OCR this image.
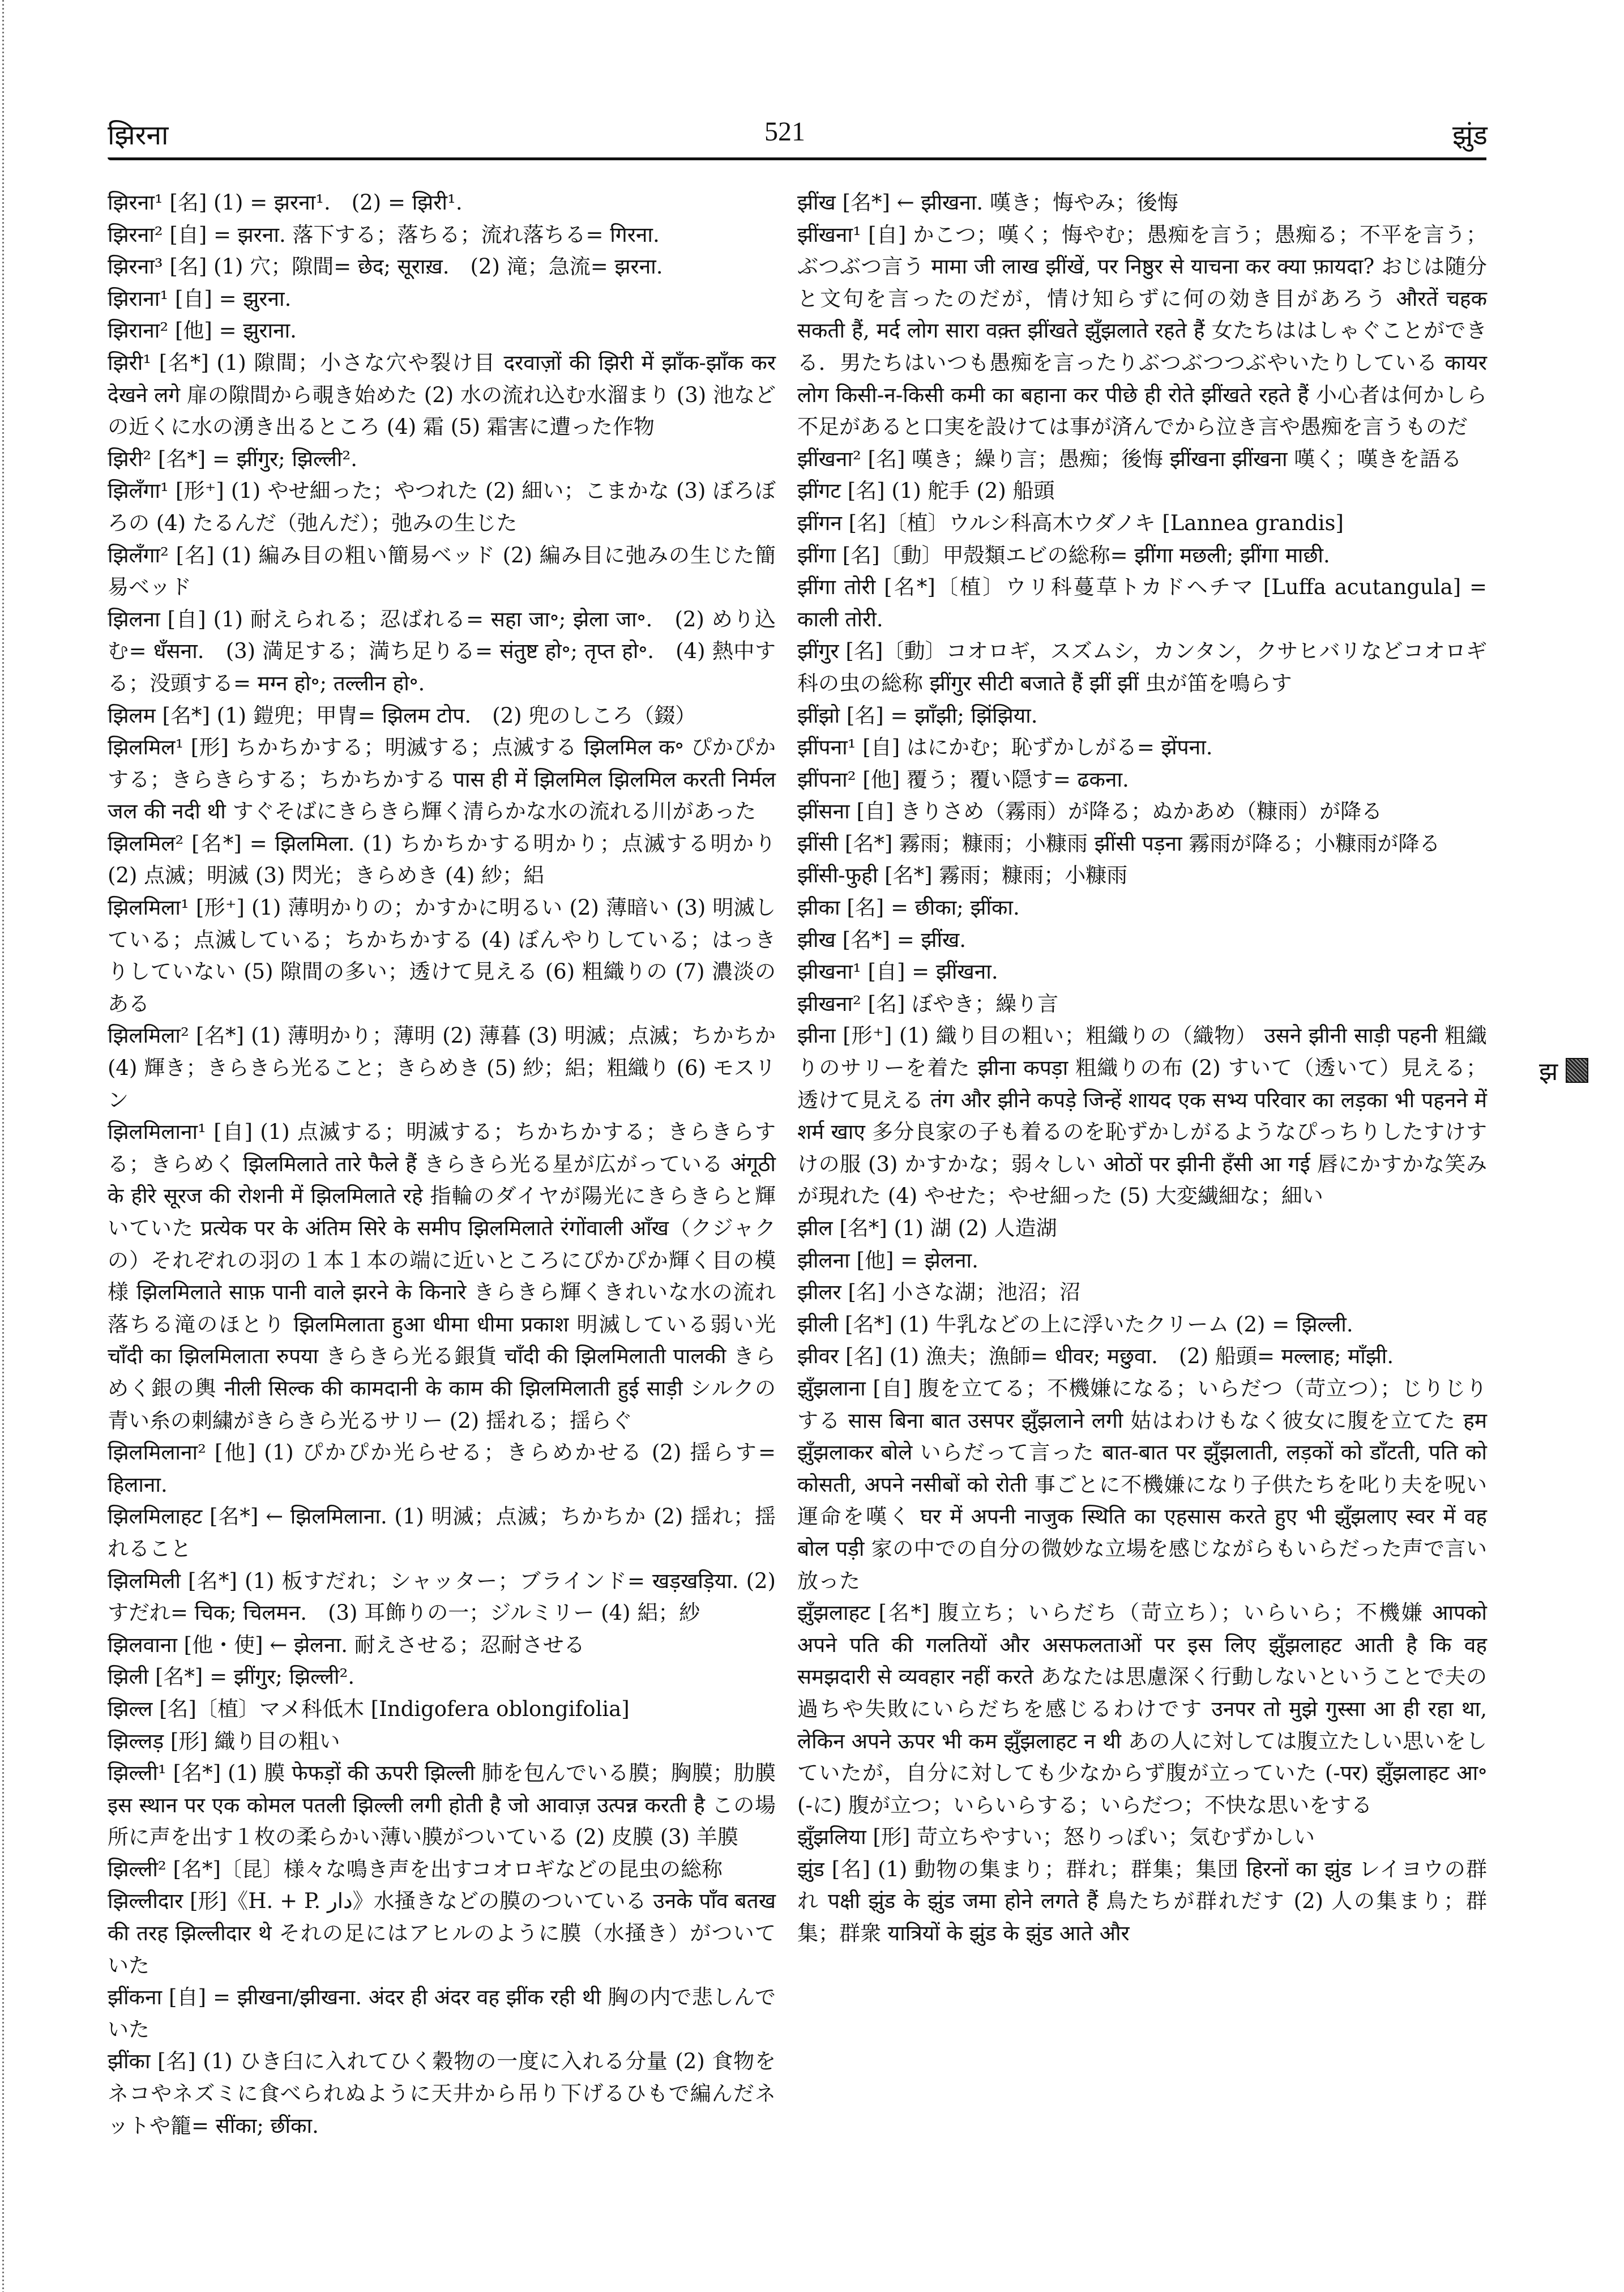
झिरना	521	झुंड

झिरना¹ [名] (1) = झरना¹.　(2) = झिरी¹.

झिरना² [自] = झरना. 落下する；落ちる；流れ落ちる= गिरना.

झिरना³ [名] (1) 穴；隙間= छेद; सूराख़.　(2) 滝；急流= झरना.

झिराना¹ [自] = झुरना.

झिराना² [他] = झुराना.

झिरी¹ [名*] (1) 隙間；小さな穴や裂け目 दरवाज़ों की झिरी में झाँक-झाँक कर देखने लगे 扉の隙間から覗き始めた (2) 水の流れ込む水溜まり (3) 池などの近くに水の湧き出るところ (4) 霜 (5) 霜害に遭った作物

झिरी² [名*] = झींगुर; झिल्ली².

झिलँगा¹ [形⁺] (1) やせ細った；やつれた (2) 細い；こまかな (3) ぼろぼろの (4) たるんだ（弛んだ）；弛みの生じた

झिलँगा² [名] (1) 編み目の粗い簡易ベッド (2) 編み目に弛みの生じた簡易ベッド

झिलना [自] (1) 耐えられる；忍ばれる= सहा जा॰; झेला जा॰.　(2) めり込む= धँसना.　(3) 満足する；満ち足りる= संतुष्ट हो॰; तृप्त हो॰.　(4) 熱中する；没頭する= मग्न हो॰; तल्लीन हो॰.

झिलम [名*] (1) 鎧兜；甲冑= झिलम टोप.　(2) 兜のしころ（錣）

झिलमिल¹ [形] ちかちかする；明滅する；点滅する झिलमिल क॰ ぴかぴかする；きらきらする；ちかちかする पास ही में झिलमिल झिलमिल करती निर्मल जल की नदी थी すぐそばにきらきら輝く清らかな水の流れる川があった

झिलमिल² [名*] = झिलमिला. (1) ちかちかする明かり；点滅する明かり (2) 点滅；明滅 (3) 閃光；きらめき (4) 紗；絽

झिलमिला¹ [形⁺] (1) 薄明かりの；かすかに明るい (2) 薄暗い (3) 明滅している；点滅している；ちかちかする (4) ぼんやりしている；はっきりしていない (5) 隙間の多い；透けて見える (6) 粗織りの (7) 濃淡のある

झिलमिला² [名*] (1) 薄明かり；薄明 (2) 薄暮 (3) 明滅；点滅；ちかちか (4) 輝き；きらきら光ること；きらめき (5) 紗；絽；粗織り (6) モスリン

झिलमिलाना¹ [自] (1) 点滅する；明滅する；ちかちかする；きらきらする；きらめく झिलमिलाते तारे फैले हैं きらきら光る星が広がっている अंगूठी के हीरे सूरज की रोशनी में झिलमिलाते रहे 指輪のダイヤが陽光にきらきらと輝いていた प्रत्येक पर के अंतिम सिरे के समीप झिलमिलाते रंगोंवाली आँख（クジャクの）それぞれの羽の１本１本の端に近いところにぴかぴか輝く目の模様 झिलमिलाते साफ़ पानी वाले झरने के किनारे きらきら輝くきれいな水の流れ落ちる滝のほとり झिलमिलाता हुआ धीमा धीमा प्रकाश 明滅している弱い光 चाँदी का झिलमिलाता रुपया きらきら光る銀貨 चाँदी की झिलमिलाती पालकी きらめく銀の輿 नीली सिल्क की कामदानी के काम की झिलमिलाती हुई साड़ी シルクの青い糸の刺繍がきらきら光るサリー (2) 揺れる；揺らぐ

झिलमिलाना² [他] (1) ぴかぴか光らせる；きらめかせる (2) 揺らす= हिलाना.

झिलमिलाहट [名*] ← झिलमिलाना. (1) 明滅；点滅；ちかちか (2) 揺れ；揺れること

झिलमिली [名*] (1) 板すだれ；シャッター；ブラインド= खड़खड़िया. (2) すだれ= चिक; चिलमन.　(3) 耳飾りの一；ジルミリー (4) 絽；紗

झिलवाना [他・使] ← झेलना. 耐えさせる；忍耐させる

झिली [名*] = झींगुर; झिल्ली².

झिल्ल [名]〔植〕マメ科低木 [Indigofera oblongifolia]

झिल्लड़ [形] 織り目の粗い

झिल्ली¹ [名*] (1) 膜 फेफड़ों की ऊपरी झिल्ली 肺を包んでいる膜；胸膜；肋膜 इस स्थान पर एक कोमल पतली झिल्ली लगी होती है जो आवाज़ उत्पन्न करती है この場所に声を出す１枚の柔らかい薄い膜がついている (2) 皮膜 (3) 羊膜

झिल्ली² [名*]〔昆〕様々な鳴き声を出すコオロギなどの昆虫の総称

झिल्लीदार [形]《H. + P. دار》水掻きなどの膜のついている उनके पाँव बतख की तरह झिल्लीदार थे それの足にはアヒルのように膜（水掻き）がついていた

झींकना [自] = झीखना/झीखना. अंदर ही अंदर वह झींक रही थी 胸の内で悲しんでいた

झींका [名] (1) ひき臼に入れてひく穀物の一度に入れる分量 (2) 食物をネコやネズミに食べられぬように天井から吊り下げるひもで編んだネットや籠= सींका; छींका.

झींख [名*] ← झीखना. 嘆き；悔やみ；後悔

झींखना¹ [自] かこつ；嘆く；悔やむ；愚痴を言う；愚痴る；不平を言う；ぶつぶつ言う मामा जी लाख झींखें, पर निष्ठुर से याचना कर क्या फ़ायदा? おじは随分と文句を言ったのだが，情け知らずに何の効き目があろう औरतें चहक सकती हैं, मर्द लोग सारा वक़्त झींखते झुँझलाते रहते हैं 女たちははしゃぐことができる．男たちはいつも愚痴を言ったりぶつぶつつぶやいたりしている कायर लोग किसी-न-किसी कमी का बहाना कर पीछे ही रोते झींखते रहते हैं 小心者は何かしら不足があると口実を設けては事が済んでから泣き言や愚痴を言うものだ

झींखना² [名] 嘆き；繰り言；愚痴；後悔 झींखना झींखना 嘆く；嘆きを語る

झींगट [名] (1) 舵手 (2) 船頭

झींगन [名]〔植〕ウルシ科高木ウダノキ [Lannea grandis]

झींगा [名]〔動〕甲殻類エビの総称= झींगा मछली; झींगा माछी.

झींगा तोरी [名*]〔植〕ウリ科蔓草トカドヘチマ [Luffa acutangula] = काली तोरी.

झींगुर [名]〔動〕コオロギ，スズムシ，カンタン，クサヒバリなどコオロギ科の虫の総称 झींगुर सीटी बजाते हैं झीं झीं 虫が笛を鳴らす

झींझो [名] = झाँझी; झिंझिया.

झींपना¹ [自] はにかむ；恥ずかしがる= झेंपना.

झींपना² [他] 覆う；覆い隠す= ढकना.

झींसना [自] きりさめ（霧雨）が降る；ぬかあめ（糠雨）が降る

झींसी [名*] 霧雨；糠雨；小糠雨 झींसी पड़ना 霧雨が降る；小糠雨が降る

झींसी-फुही [名*] 霧雨；糠雨；小糠雨

झीका [名] = छीका; झींका.

झीख [名*] = झींख.

झीखना¹ [自] = झींखना.

झीखना² [名] ぼやき；繰り言

झीना [形⁺] (1) 織り目の粗い；粗織りの（織物） उसने झीनी साड़ी पहनी 粗織りのサリーを着た झीना कपड़ा 粗織りの布 (2) すいて（透いて）見える；透けて見える तंग और झीने कपड़े जिन्हें शायद एक सभ्य परिवार का लड़का भी पहनने में शर्म खाए 多分良家の子も着るのを恥ずかしがるようなぴっちりしたすけすけの服 (3) かすかな；弱々しい ओठों पर झीनी हँसी आ गई 唇にかすかな笑みが現れた (4) やせた；やせ細った (5) 大変繊細な；細い

झील [名*] (1) 湖 (2) 人造湖

झीलना [他] = झेलना.

झीलर [名] 小さな湖；池沼；沼

झीली [名*] (1) 牛乳などの上に浮いたクリーム (2) = झिल्ली.

झीवर [名] (1) 漁夫；漁師= धीवर; मछुवा.　(2) 船頭= मल्लाह; माँझी.

झुँझलाना [自] 腹を立てる；不機嫌になる；いらだつ（苛立つ）；じりじりする सास बिना बात उसपर झुँझलाने लगी 姑はわけもなく彼女に腹を立てた हम झुँझलाकर बोले いらだって言った बात-बात पर झुँझलाती, लड़कों को डाँटती, पति को कोसती, अपने नसीबों को रोती 事ごとに不機嫌になり子供たちを叱り夫を呪い運命を嘆く घर में अपनी नाजुक स्थिति का एहसास करते हुए भी झुँझलाए स्वर में वह बोल पड़ी 家の中での自分の微妙な立場を感じながらもいらだった声で言い放った

झुँझलाहट [名*] 腹立ち；いらだち（苛立ち）；いらいら；不機嫌 आपको अपने पति की गलतियों और असफलताओं पर इस लिए झुँझलाहट आती है कि वह समझदारी से व्यवहार नहीं करते あなたは思慮深く行動しないということで夫の過ちや失敗にいらだちを感じるわけです उनपर तो मुझे गुस्सा आ ही रहा था, लेकिन अपने ऊपर भी कम झुँझलाहट न थी あの人に対しては腹立たしい思いをしていたが，自分に対しても少なからず腹が立っていた (-पर) झुँझलाहट आ॰ (-に) 腹が立つ；いらいらする；いらだつ；不快な思いをする

झुँझलिया [形] 苛立ちやすい；怒りっぽい；気むずかしい

झुंड [名] (1) 動物の集まり；群れ；群集；集団 हिरनों का झुंड レイヨウの群れ पक्षी झुंड के झुंड जमा होने लगते हैं 鳥たちが群れだす (2) 人の集まり；群集；群衆 यात्रियों के झुंड के झुंड आते और

झ
